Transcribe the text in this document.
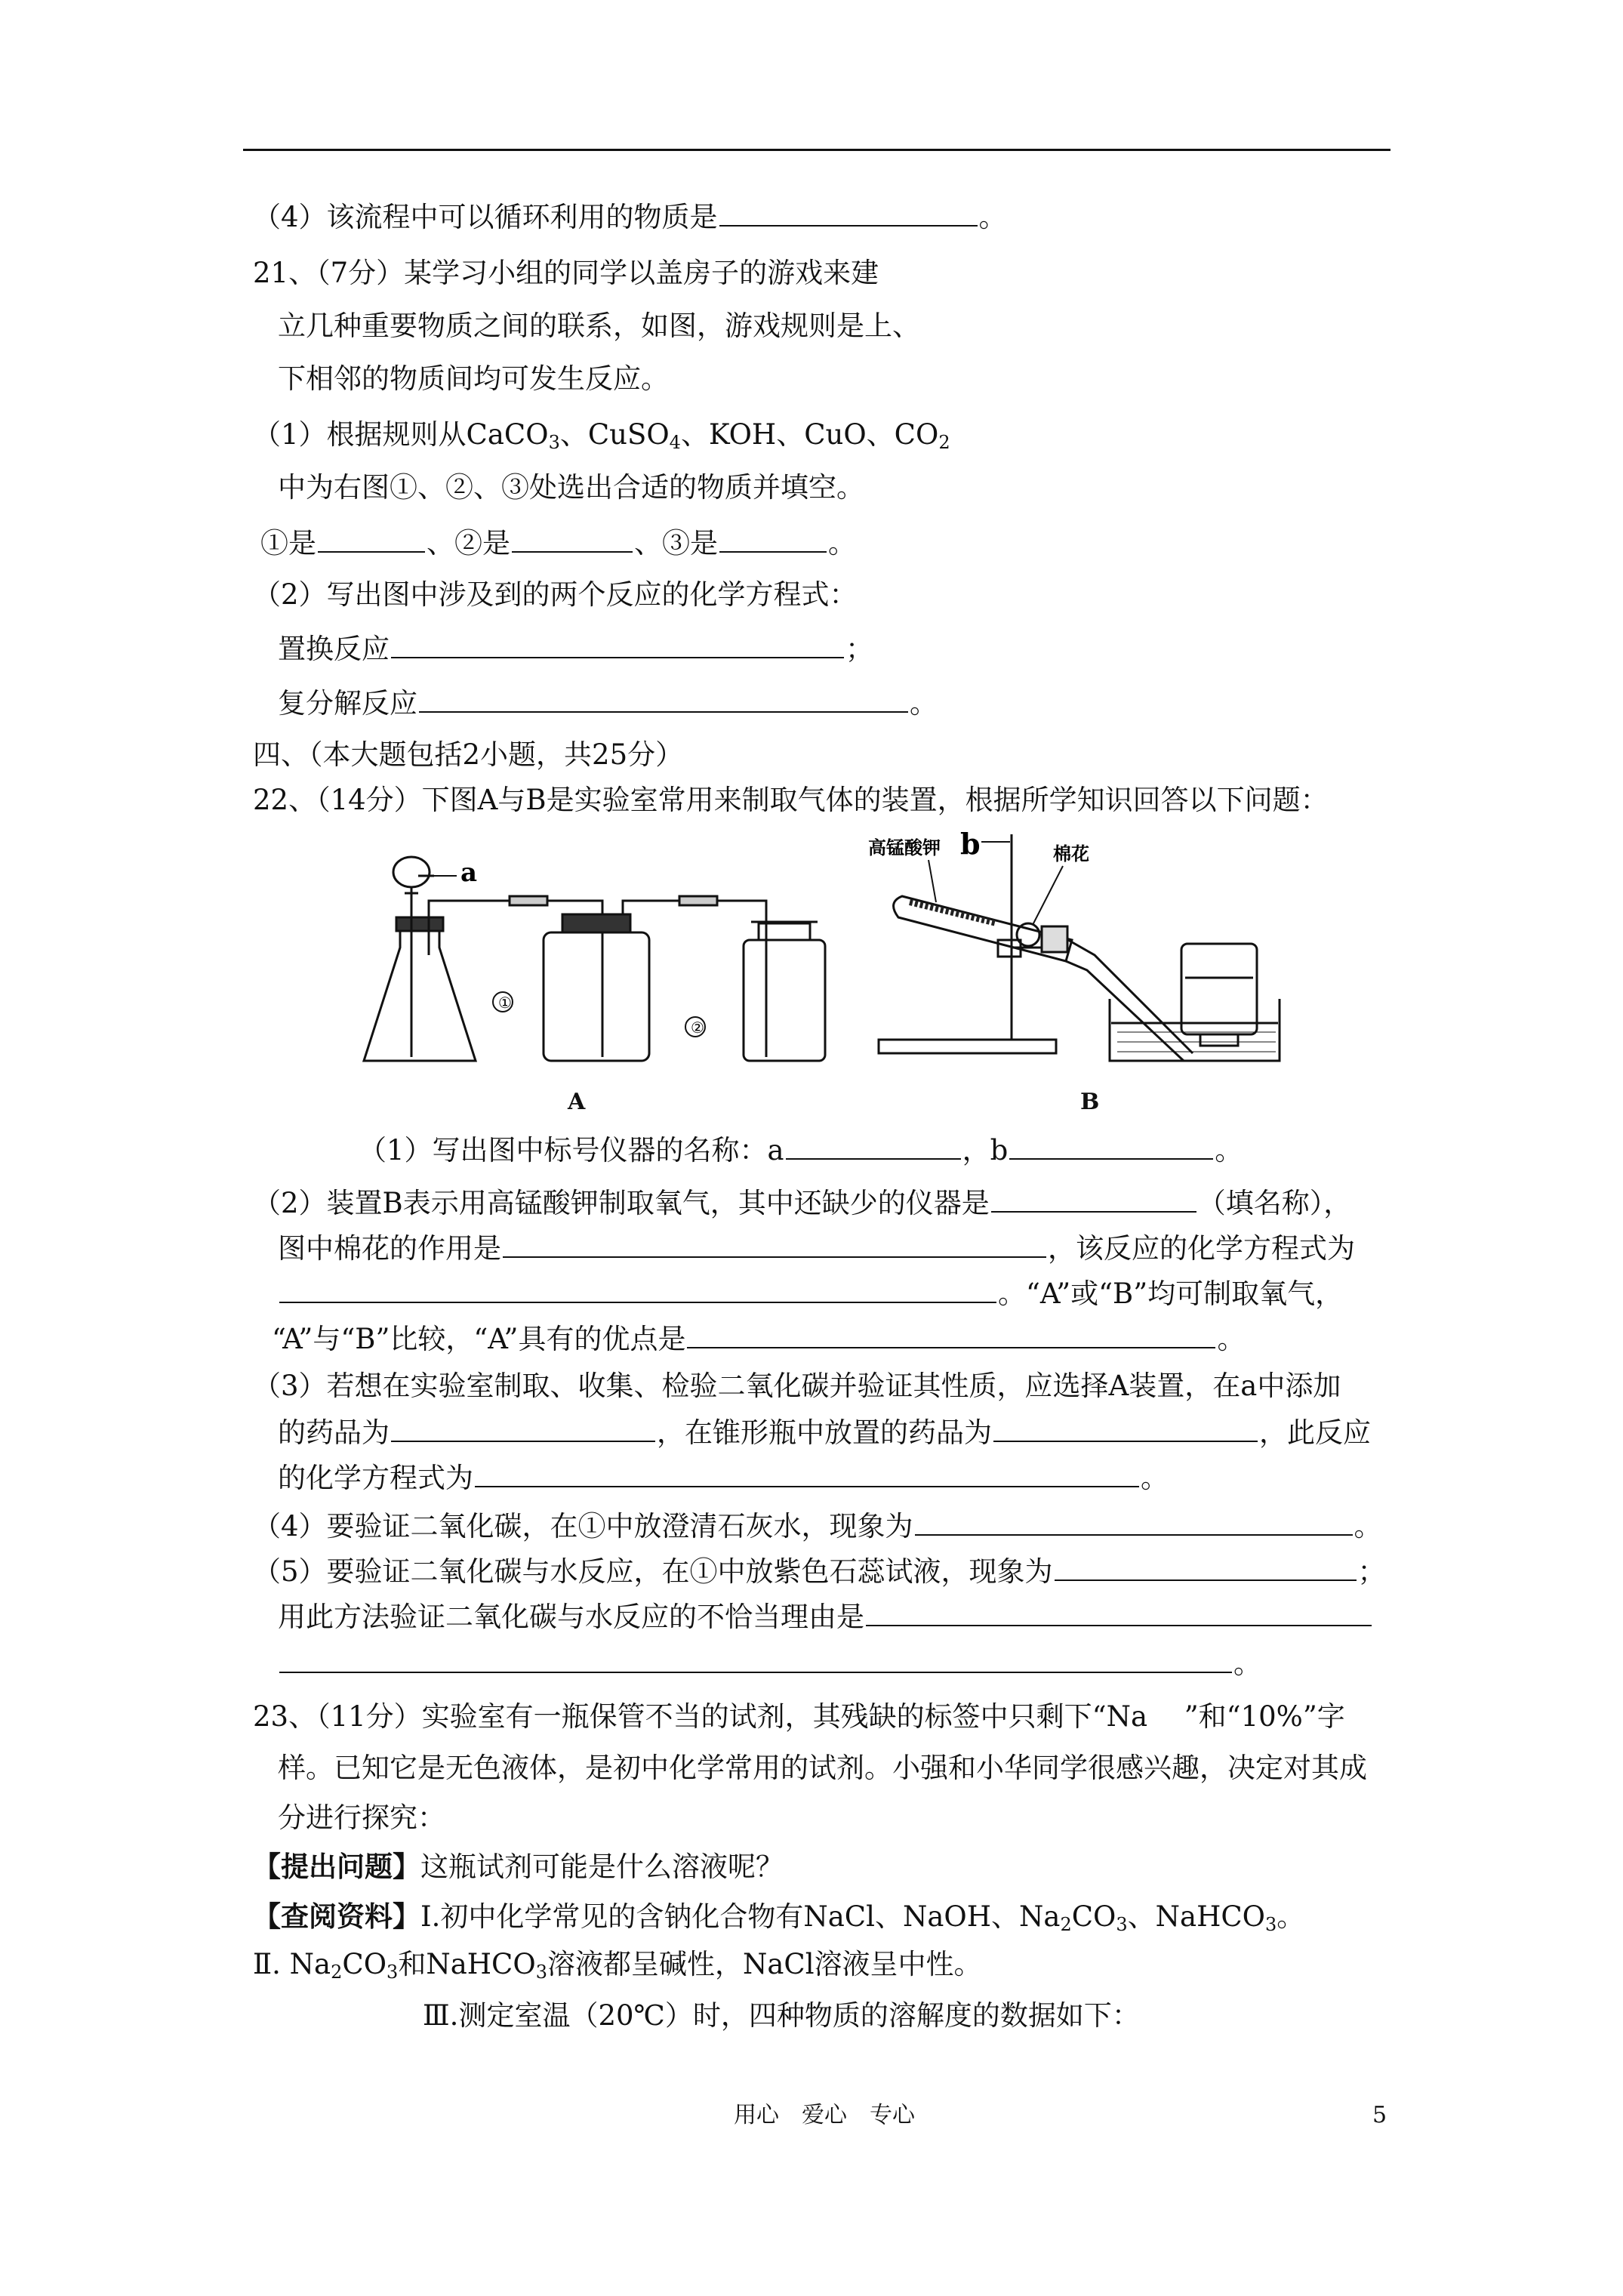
（4）该流程中可以循环利用的物质是	。
21、（7分）某学习小组的同学以盖房子的游戏来建
立几种重要物质之间的联系，如图，游戏规则是上、
下相邻的物质间均可发生反应。
（1）根据规则从CaCO$_3$、CuSO$_4$、KOH、CuO、$CO_2$
中为右图①、②、③处选出合适的物质并填空。
①是	、②是	、③是	。
（2）写出图中涉及到的两个反应的化学方程式：
置换反应	；
复分解反应	。
四、（本大题包括2小题，共25分）
22、（14分）下图A与B是实验室常用来制取气体的装置，根据所学知识回答以下问题：
①
②
a
A
高锰酸钾 b	棉花
B
（1）写出图中标号仪器的名称：a	，b	。
（2）装置B表示用高锰酸钾制取氧气，其中还缺少的仪器是	（填名称），
图中棉花的作用是	，该反应的化学方程式为
。“A”或“B”均可制取氧气，
“A”与“B”比较，“A”具有的优点是	。
（3）若想在实验室制取、收集、检验二氧化碳并验证其性质，应选择A装置，在a中添加
的药品为	，在锥形瓶中放置的药品为	，此反应
的化学方程式为	。
（4）要验证二氧化碳，在①中放澄清石灰水，现象为	。
（5）要验证二氧化碳与水反应，在①中放紫色石蕊试液，现象为	；
用此方法验证二氧化碳与水反应的不恰当理由是
。
23、（11分）实验室有一瓶保管不当的试剂，其残缺的标签中只剩下“Na　 ”和“10%”字
样。已知它是无色液体，是初中化学常用的试剂。小强和小华同学很感兴趣，决定对其成
分进行探究：
【提出问题】这瓶试剂可能是什么溶液呢？
【查阅资料】Ⅰ.初中化学常见的含钠化合物有NaCl、NaOH、$Na_2CO_3$、NaHCO$_3$。
Ⅱ. $Na_2CO_3$和NaHCO$_3$溶液都呈碱性，NaCl溶液呈中性。
Ⅲ.测定室温（20℃）时，四种物质的溶解度的数据如下：
用心　爱心　专心	5
